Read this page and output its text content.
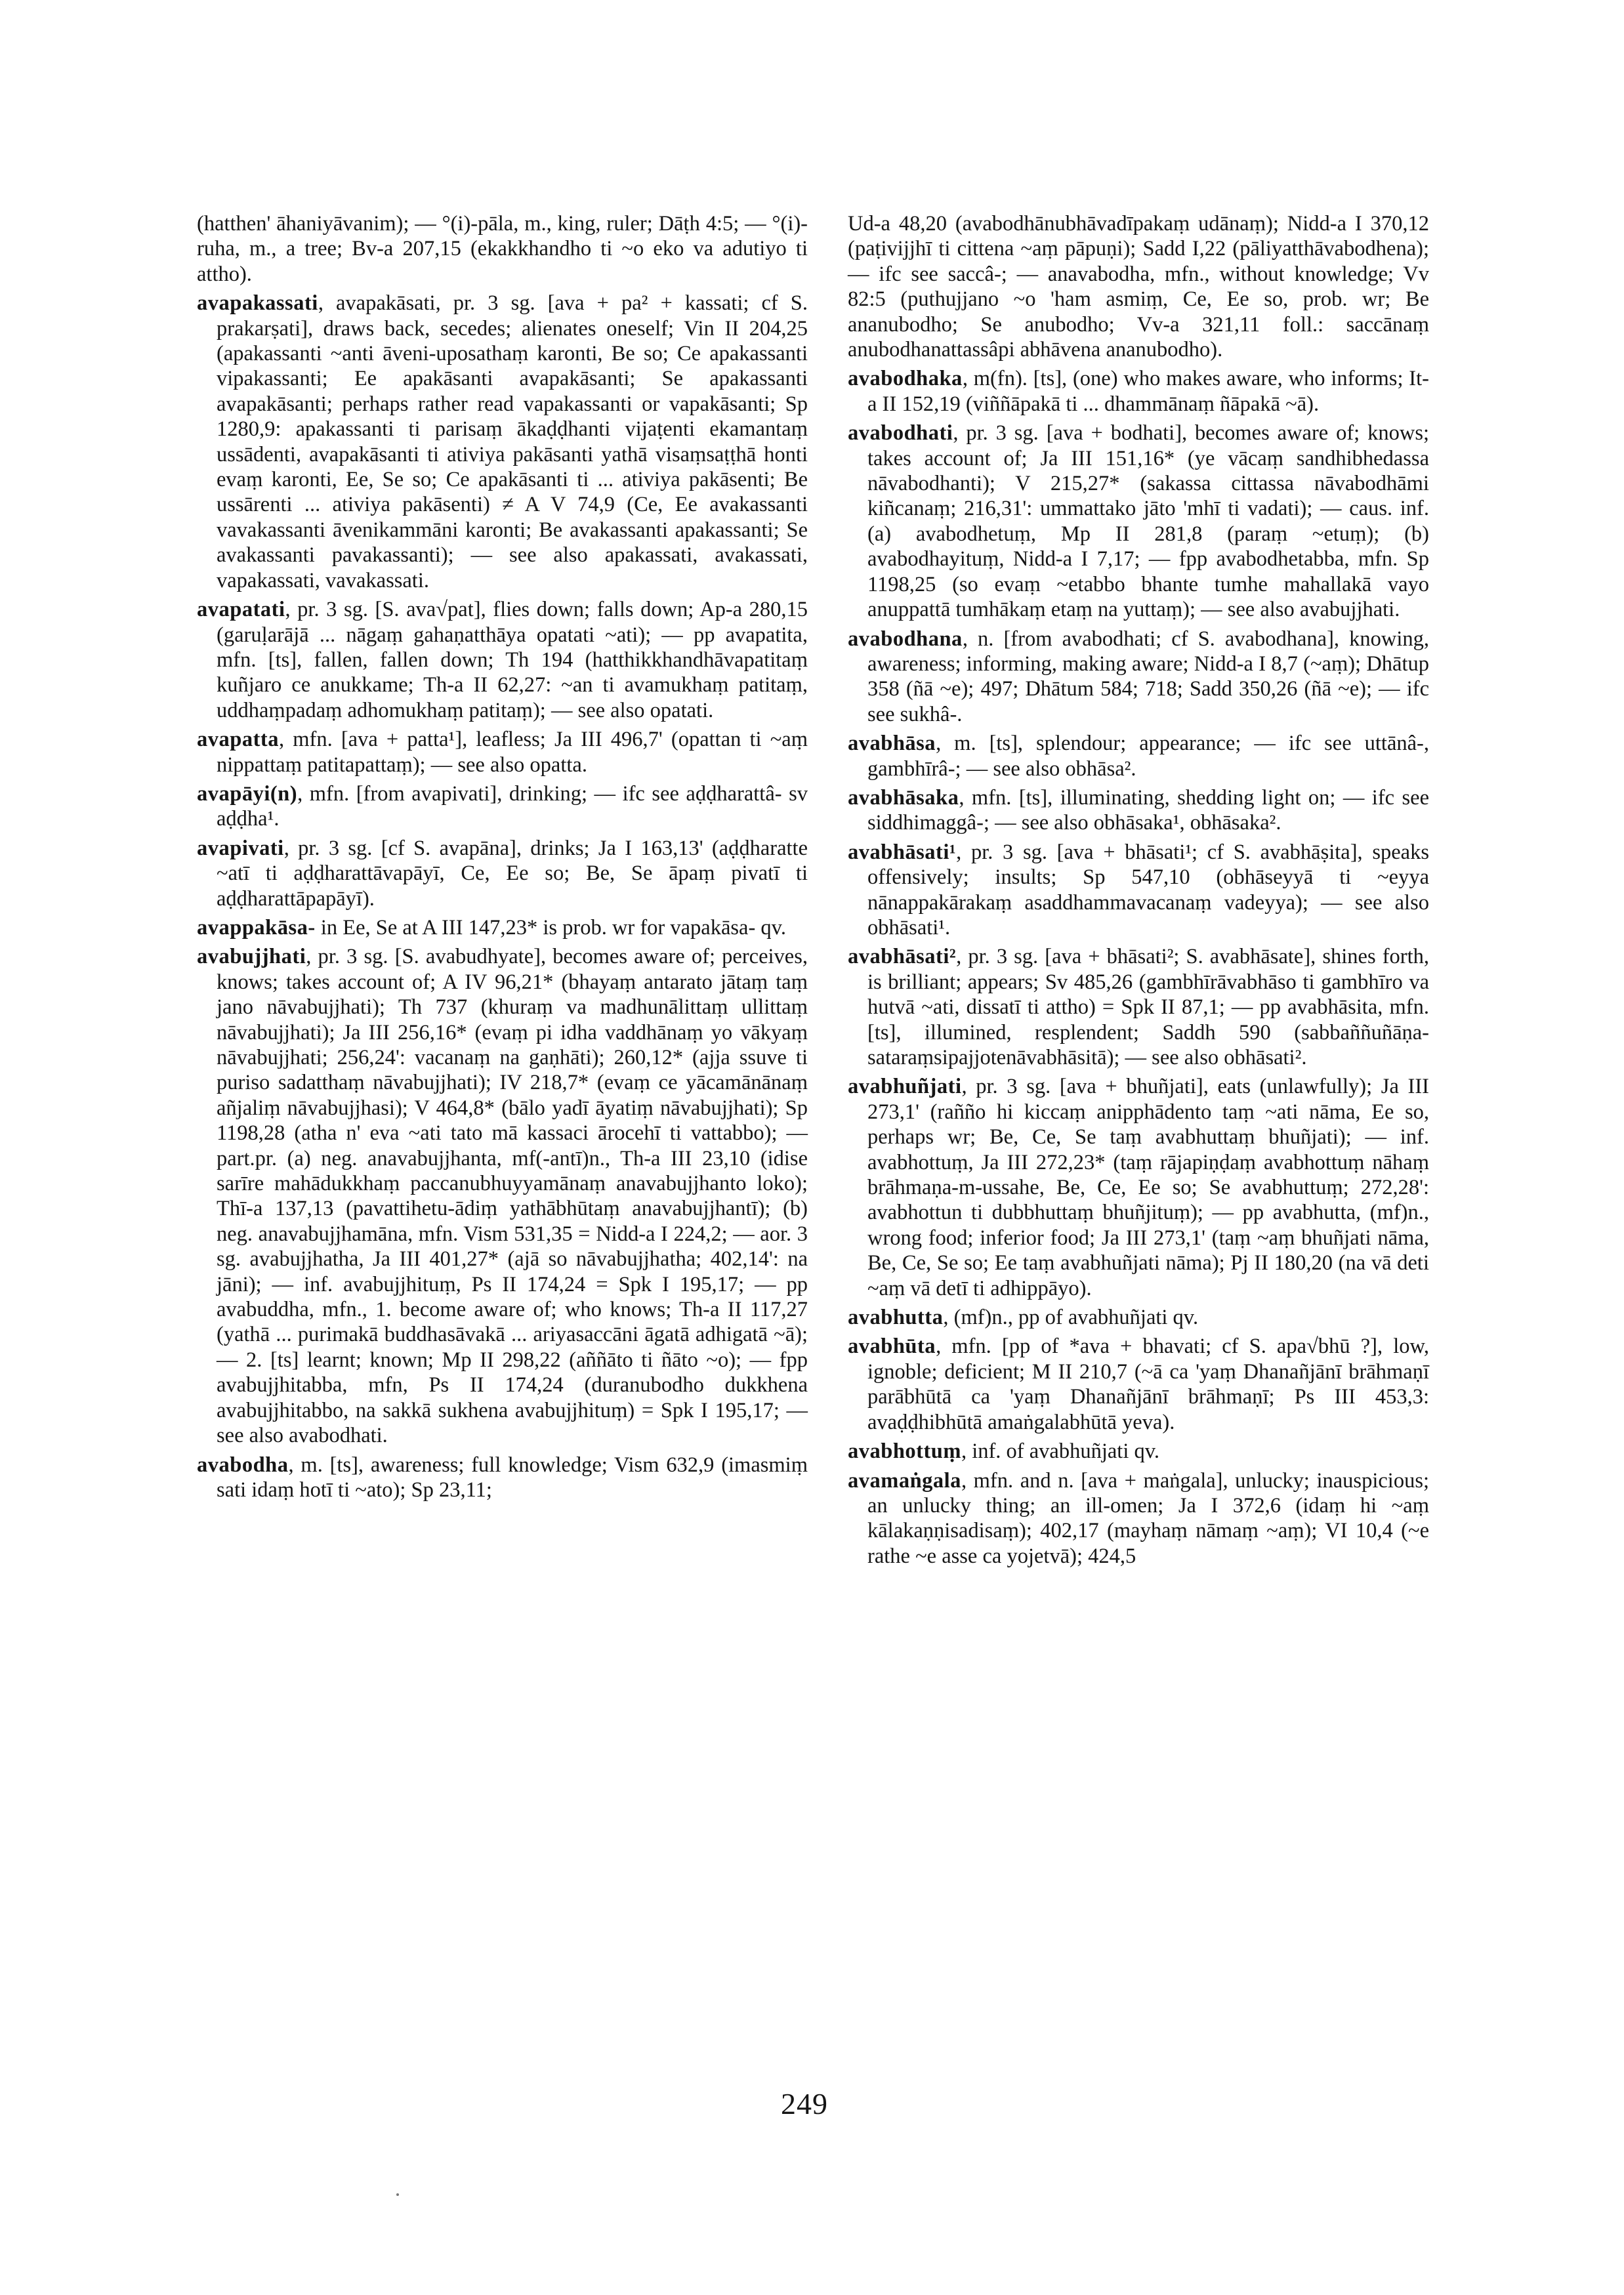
(hatthen' āhaniyāvanim); — °(i)-pāla, m., king, ruler; Dāṭh 4:5; — °(i)-ruha, m., a tree; Bv-a 207,15 (ekakkhandho ti ~o eko va adutiyo ti attho).

avapakassati, avapakāsati, pr. 3 sg. [ava + pa² + kassati; cf S. prakarṣati], draws back, secedes; alienates oneself; Vin II 204,25 (apakassanti ~anti āveni-uposathaṃ karonti, Be so; Ce apakassanti vipakassanti; Ee apakāsanti avapakāsanti; Se apakassanti avapakāsanti; perhaps rather read vapakassanti or vapakāsanti; Sp 1280,9: apakassanti ti parisaṃ ākaḍḍhanti vijaṭenti ekamantaṃ ussādenti, avapakāsanti ti ativiya pakāsanti yathā visaṃsaṭṭhā honti evaṃ karonti, Ee, Se so; Ce apakāsanti ti ... ativiya pakāsenti; Be ussārenti ... ativiya pakāsenti) ≠ A V 74,9 (Ce, Ee avakassanti vavakassanti āvenikammāni karonti; Be avakassanti apakassanti; Se avakassanti pavakassanti); — see also apakassati, avakassati, vapakassati, vavakassati.

avapatati, pr. 3 sg. [S. ava√pat], flies down; falls down; Ap-a 280,15 (garuḷarājā ... nāgaṃ gahaṇatthāya opatati ~ati); — pp avapatita, mfn. [ts], fallen, fallen down; Th 194 (hatthikkhandhāvapatitaṃ kuñjaro ce anukkame; Th-a II 62,27: ~an ti avamukhaṃ patitaṃ, uddhaṃpadaṃ adhomukhaṃ patitaṃ); — see also opatati.

avapatta, mfn. [ava + patta¹], leafless; Ja III 496,7' (opattan ti ~aṃ nippattaṃ patitapattaṃ); — see also opatta.

avapāyi(n), mfn. [from avapivati], drinking; — ifc see aḍḍharattâ- sv aḍḍha¹.

avapivati, pr. 3 sg. [cf S. avapāna], drinks; Ja I 163,13' (aḍḍharatte ~atī ti aḍḍharattāvapāyī, Ce, Ee so; Be, Se āpaṃ pivatī ti aḍḍharattāpapāyī).

avappakāsa- in Ee, Se at A III 147,23* is prob. wr for vapakāsa- qv.

avabujjhati, pr. 3 sg. [S. avabudhyate], becomes aware of; perceives, knows; takes account of; A IV 96,21* (bhayaṃ antarato jātaṃ taṃ jano nāvabujjhati); Th 737 (khuraṃ va madhunālittaṃ ullittaṃ nāvabujjhati); Ja III 256,16* (evaṃ pi idha vaddhānaṃ yo vākyaṃ nāvabujjhati; 256,24': vacanaṃ na gaṇhāti); 260,12* (ajja ssuve ti puriso sadatthaṃ nāvabujjhati); IV 218,7* (evaṃ ce yācamānānaṃ añjaliṃ nāvabujjhasi); V 464,8* (bālo yadī āyatiṃ nāvabujjhati); Sp 1198,28 (atha n' eva ~ati tato mā kassaci ārocehī ti vattabbo); — part.pr. (a) neg. anavabujjhanta, mf(-antī)n., Th-a III 23,10 (idise sarīre mahādukkhaṃ paccanubhuyyamānaṃ anavabujjhanto loko); Thī-a 137,13 (pavattihetu-ādiṃ yathābhūtaṃ anavabujjhantī); (b) neg. anavabujjhamāna, mfn. Vism 531,35 = Nidd-a I 224,2; — aor. 3 sg. avabujjhatha, Ja III 401,27* (ajā so nāvabujjhatha; 402,14': na jāni); — inf. avabujjhituṃ, Ps II 174,24 = Spk I 195,17; — pp avabuddha, mfn., 1. become aware of; who knows; Th-a II 117,27 (yathā ... purimakā buddhasāvakā ... ariyasaccāni āgatā adhigatā ~ā); — 2. [ts] learnt; known; Mp II 298,22 (aññāto ti ñāto ~o); — fpp avabujjhitabba, mfn, Ps II 174,24 (duranubodho dukkhena avabujjhitabbo, na sakkā sukhena avabujjhituṃ) = Spk I 195,17; — see also avabodhati.

avabodha, m. [ts], awareness; full knowledge; Vism 632,9 (imasmiṃ sati idaṃ hotī ti ~ato); Sp 23,11;

Ud-a 48,20 (avabodhānubhāvadīpakaṃ udānaṃ); Nidd-a I 370,12 (paṭivijjhī ti cittena ~aṃ pāpuṇi); Sadd I,22 (pāliyatthāvabodhena); — ifc see saccâ-; — anavabodha, mfn., without knowledge; Vv 82:5 (puthujjano ~o 'ham asmiṃ, Ce, Ee so, prob. wr; Be ananubodho; Se anubodho; Vv-a 321,11 foll.: saccānaṃ anubodhanattassâpi abhāvena ananubodho).

avabodhaka, m(fn). [ts], (one) who makes aware, who informs; It-a II 152,19 (viññāpakā ti ... dhammānaṃ ñāpakā ~ā).

avabodhati, pr. 3 sg. [ava + bodhati], becomes aware of; knows; takes account of; Ja III 151,16* (ye vācaṃ sandhibhedassa nāvabodhanti); V 215,27* (sakassa cittassa nāvabodhāmi kiñcanaṃ; 216,31': ummattako jāto 'mhī ti vadati); — caus. inf. (a) avabodhetuṃ, Mp II 281,8 (paraṃ ~etuṃ); (b) avabodhayituṃ, Nidd-a I 7,17; — fpp avabodhetabba, mfn. Sp 1198,25 (so evaṃ ~etabbo bhante tumhe mahallakā vayo anuppattā tumhākaṃ etaṃ na yuttaṃ); — see also avabujjhati.

avabodhana, n. [from avabodhati; cf S. avabodhana], knowing, awareness; informing, making aware; Nidd-a I 8,7 (~aṃ); Dhātup 358 (ñā ~e); 497; Dhātum 584; 718; Sadd 350,26 (ñā ~e); — ifc see sukhâ-.

avabhāsa, m. [ts], splendour; appearance; — ifc see uttānâ-, gambhīrâ-; — see also obhāsa².

avabhāsaka, mfn. [ts], illuminating, shedding light on; — ifc see siddhimaggâ-; — see also obhāsaka¹, obhāsaka².

avabhāsati¹, pr. 3 sg. [ava + bhāsati¹; cf S. avabhāṣita], speaks offensively; insults; Sp 547,10 (obhāseyyā ti ~eyya nānappakārakaṃ asaddhammavacanaṃ vadeyya); — see also obhāsati¹.

avabhāsati², pr. 3 sg. [ava + bhāsati²; S. avabhāsate], shines forth, is brilliant; appears; Sv 485,26 (gambhīrāvabhāso ti gambhīro va hutvā ~ati, dissatī ti attho) = Spk II 87,1; — pp avabhāsita, mfn. [ts], illumined, resplendent; Saddh 590 (sabbaññuñāṇa-sataraṃsipajjotenāvabhāsitā); — see also obhāsati².

avabhuñjati, pr. 3 sg. [ava + bhuñjati], eats (unlawfully); Ja III 273,1' (rañño hi kiccaṃ anipphādento taṃ ~ati nāma, Ee so, perhaps wr; Be, Ce, Se taṃ avabhuttaṃ bhuñjati); — inf. avabhottuṃ, Ja III 272,23* (taṃ rājapiṇḍaṃ avabhottuṃ nāhaṃ brāhmaṇa-m-ussahe, Be, Ce, Ee so; Se avabhuttuṃ; 272,28': avabhottun ti dubbhuttaṃ bhuñjituṃ); — pp avabhutta, (mf)n., wrong food; inferior food; Ja III 273,1' (taṃ ~aṃ bhuñjati nāma, Be, Ce, Se so; Ee taṃ avabhuñjati nāma); Pj II 180,20 (na vā deti ~aṃ vā detī ti adhippāyo).

avabhutta, (mf)n., pp of avabhuñjati qv.

avabhūta, mfn. [pp of *ava + bhavati; cf S. apa√bhū ?], low, ignoble; deficient; M II 210,7 (~ā ca 'yaṃ Dhanañjānī brāhmaṇī parābhūtā ca 'yaṃ Dhanañjānī brāhmaṇī; Ps III 453,3: avaḍḍhibhūtā amaṅgalabhūtā yeva).

avabhottuṃ, inf. of avabhuñjati qv.

avamaṅgala, mfn. and n. [ava + maṅgala], unlucky; inauspicious; an unlucky thing; an ill-omen; Ja I 372,6 (idaṃ hi ~aṃ kālakaṇṇisadisaṃ); 402,17 (mayhaṃ nāmaṃ ~aṃ); VI 10,4 (~e rathe ~e asse ca yojetvā); 424,5

249
